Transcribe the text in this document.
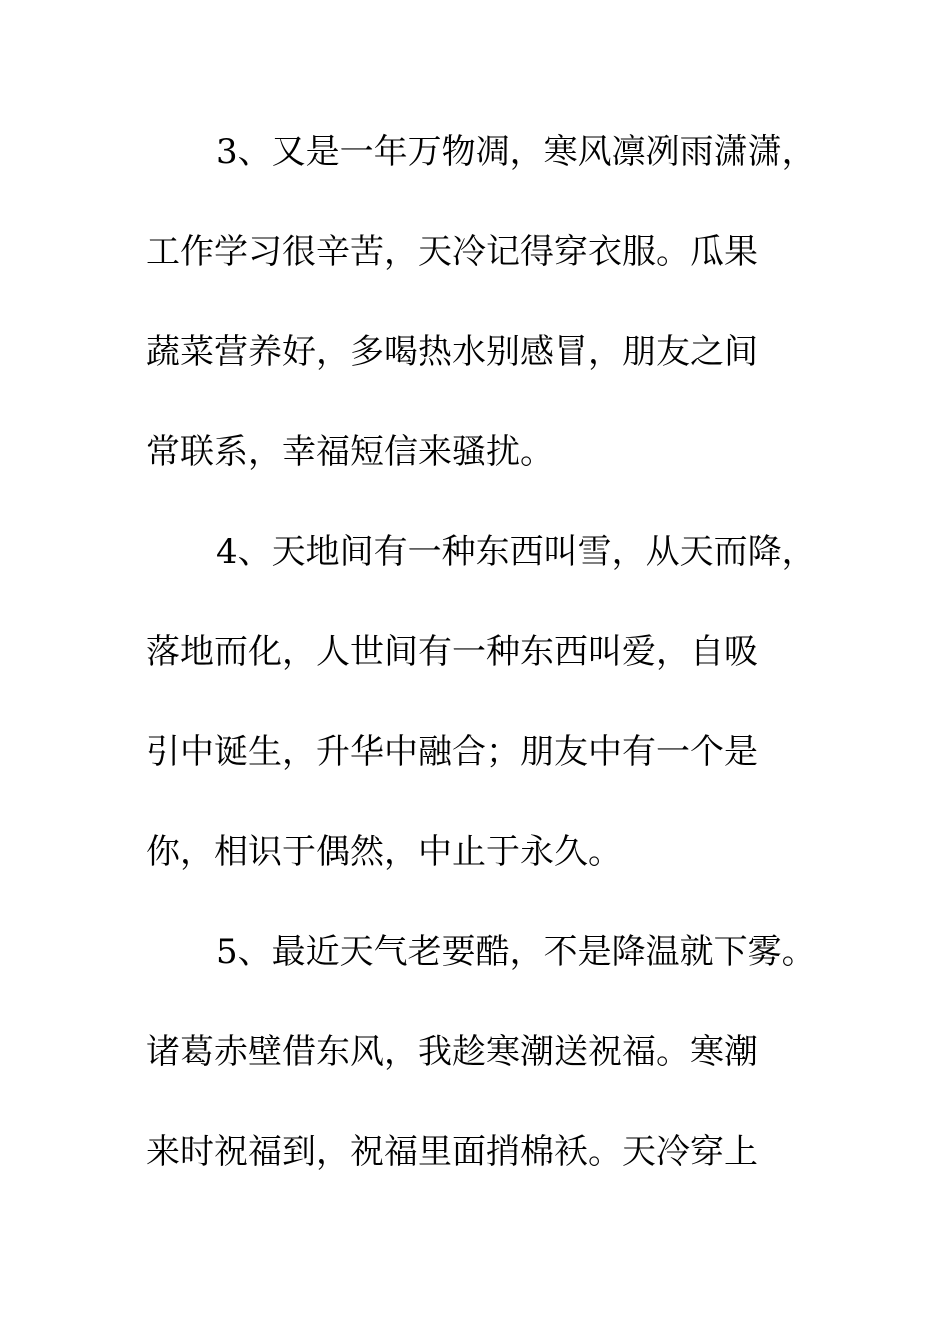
3、又是一年万物凋，寒风凛冽雨潇潇，
工作学习很辛苦，天冷记得穿衣服。瓜果
蔬菜营养好，多喝热水别感冒，朋友之间
常联系，幸福短信来骚扰。
4、天地间有一种东西叫雪，从天而降，
落地而化，人世间有一种东西叫爱，自吸
引中诞生，升华中融合；朋友中有一个是
你，相识于偶然，中止于永久。
5、最近天气老要酷，不是降温就下雾。
诸葛赤壁借东风，我趁寒潮送祝福。寒潮
来时祝福到，祝福里面捎棉袄。天冷穿上
